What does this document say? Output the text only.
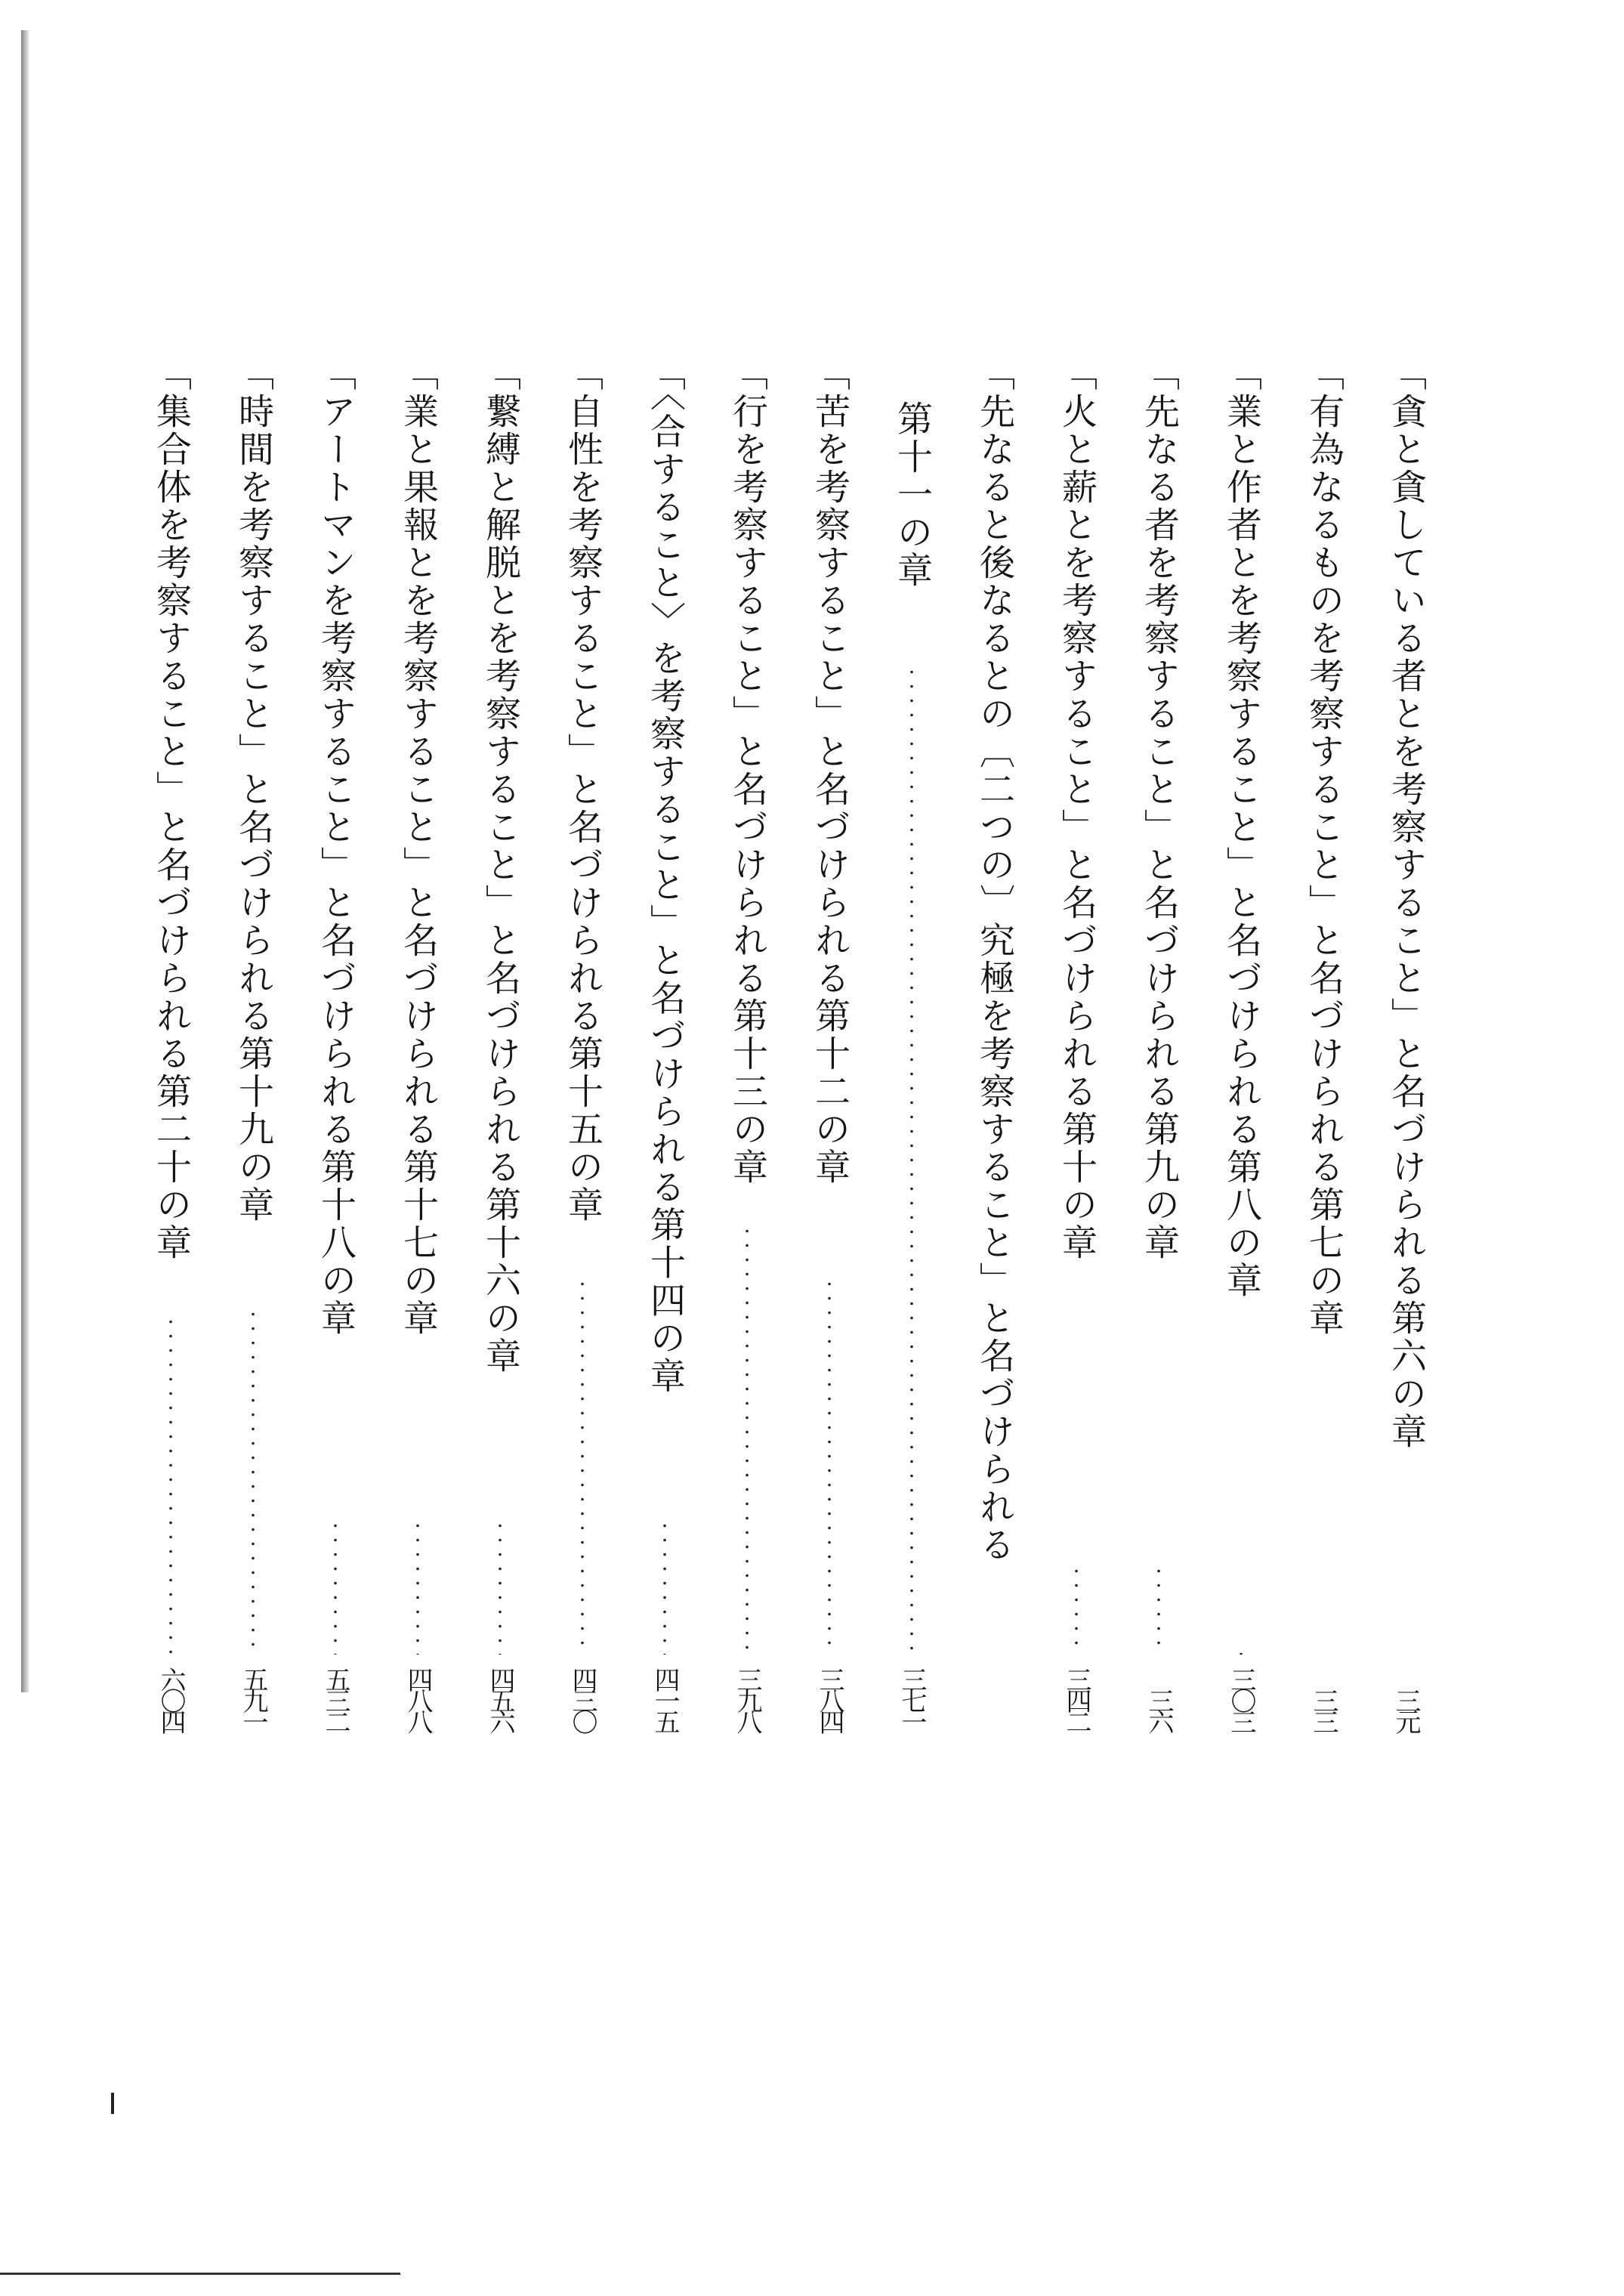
「貪と貪している者とを考察すること」と名づけられる第六の章
三元
「有為なるものを考察すること」と名づけられる第七の章
三三
「業と作者とを考察すること」と名づけられる第八の章
三〇三
「先なる者を考察すること」と名づけられる第九の章
三六
「火と薪とを考察すること」と名づけられる第十の章
三四二
「先なると後なるとの〔二つの〕究極を考察すること」と名づけられる
第十一の章
三七一
「苦を考察すること」と名づけられる第十二の章
三八四
「行を考察すること」と名づけられる第十三の章
三九八
「〈合すること〉を考察すること」と名づけられる第十四の章
四一五
「自性を考察すること」と名づけられる第十五の章
四三〇
「繋縛と解脱とを考察すること」と名づけられる第十六の章
四五六
「業と果報とを考察すること」と名づけられる第十七の章
四八八
「アートマンを考察すること」と名づけられる第十八の章
五三二
「時間を考察すること」と名づけられる第十九の章
五九一
「集合体を考察すること」と名づけられる第二十の章
六〇四
